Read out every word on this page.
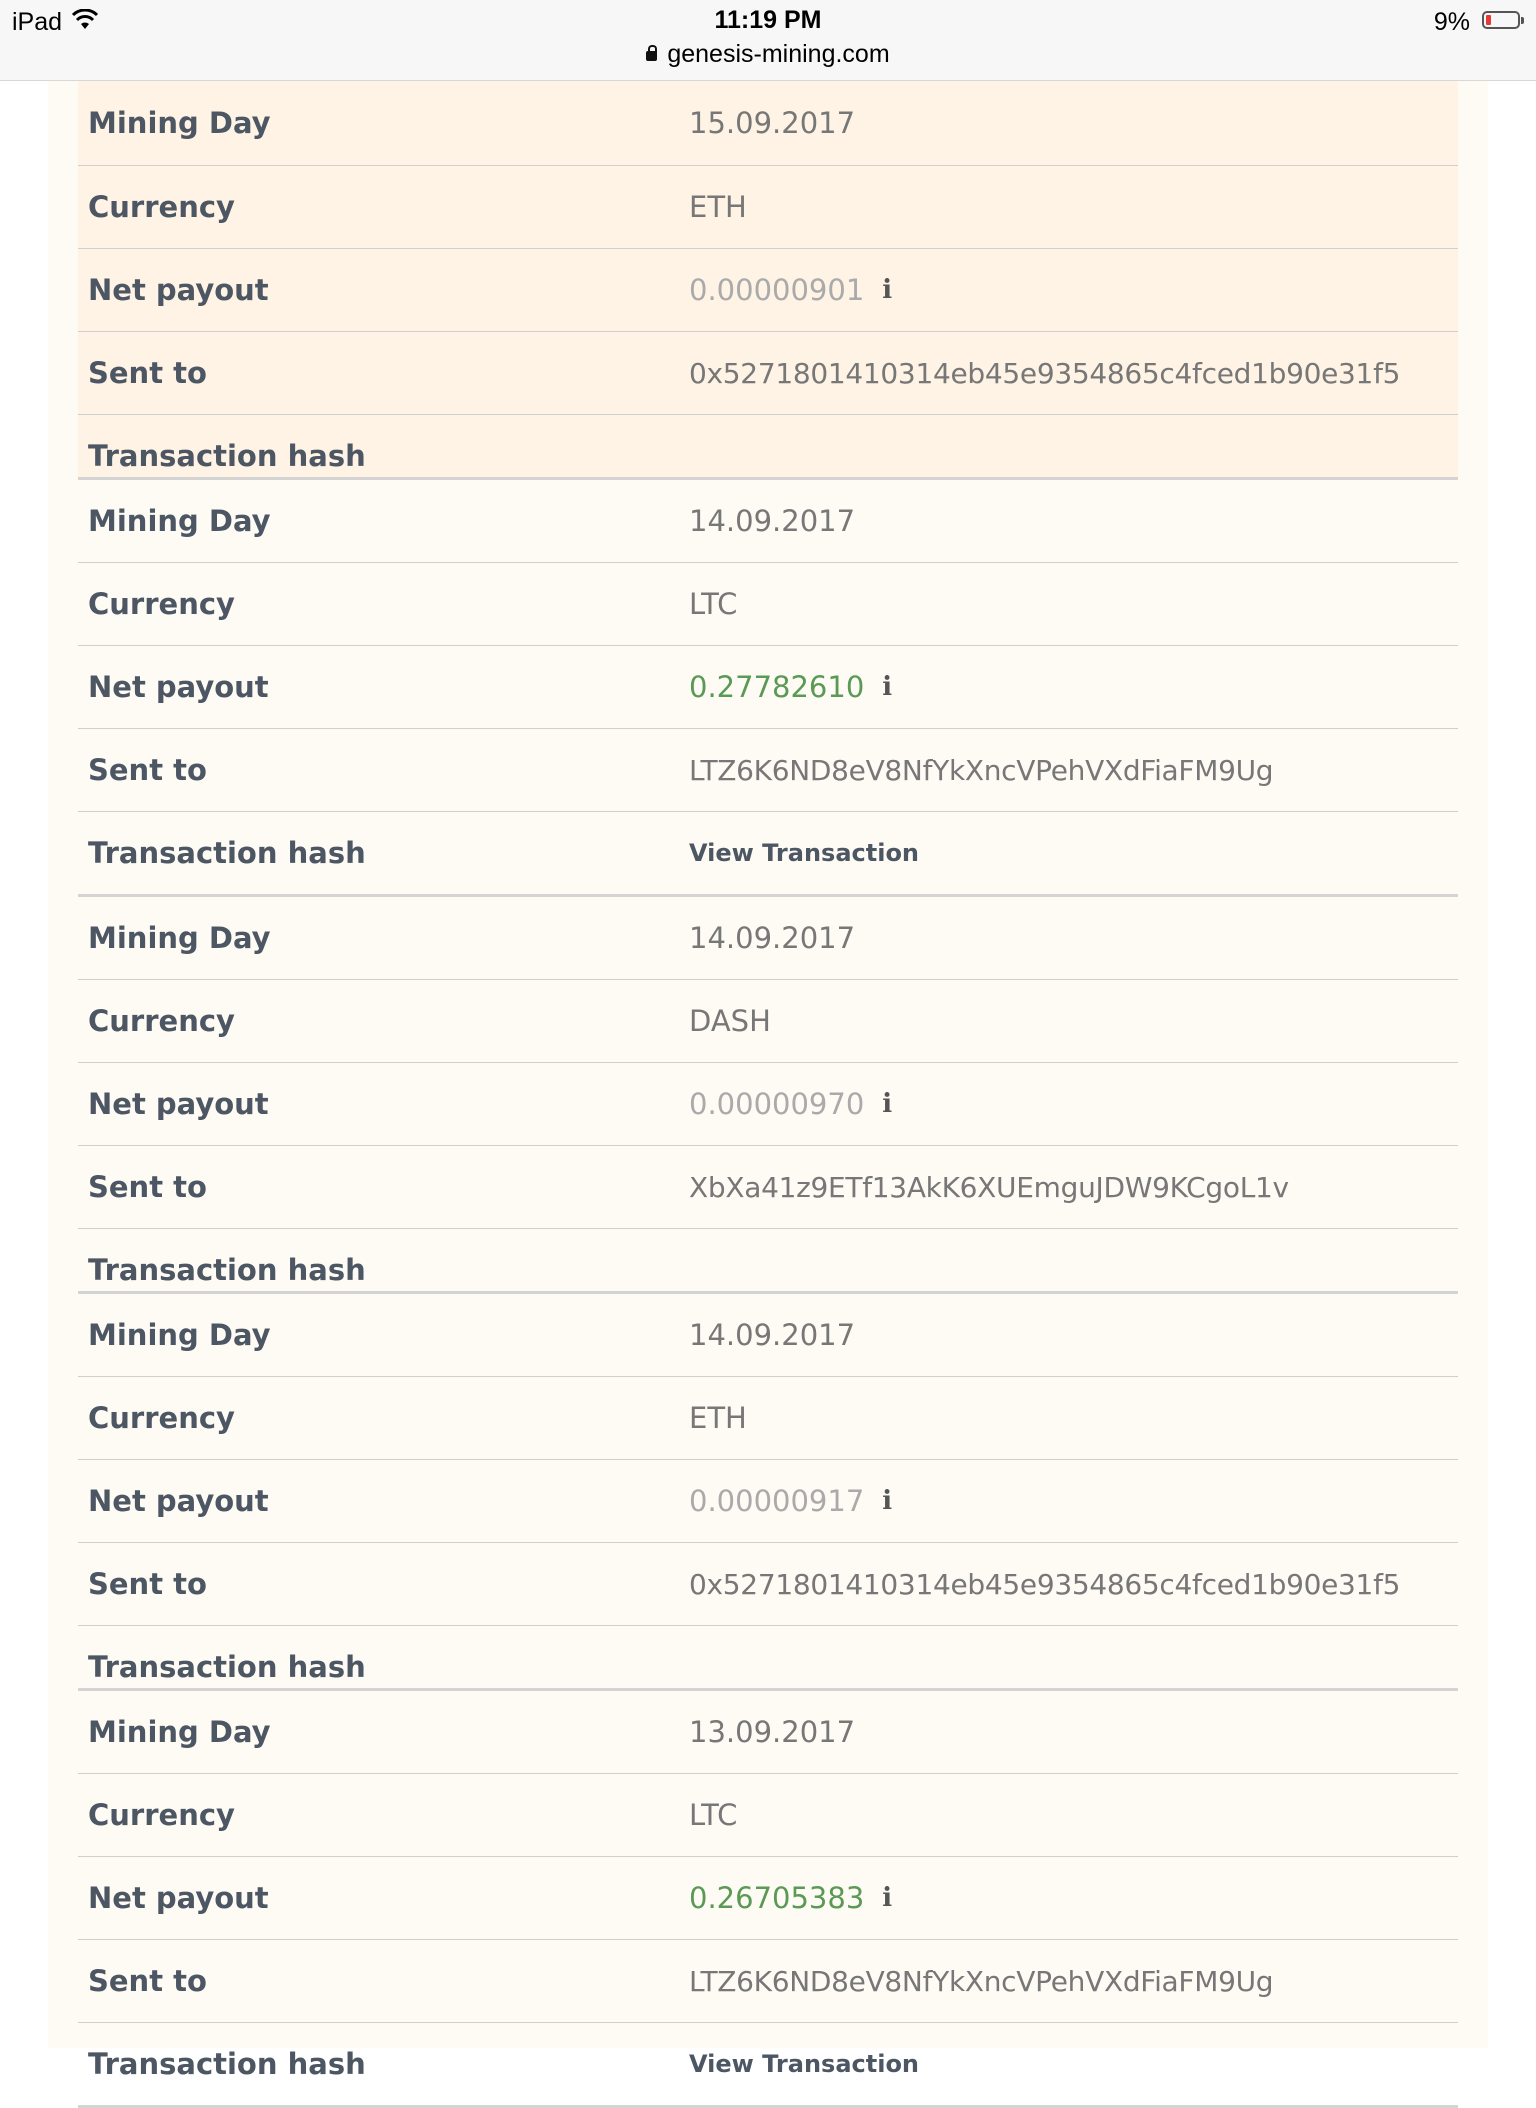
iPad	11:19 PM
genesis-mining.com
9%
Mining Day	15.09.2017
Currency	ETH
Net payout	0.00000901 i
Sent to	0x5271801410314eb45e9354865c4fced1b90e31f5
Transaction hash
Mining Day	14.09.2017
Currency	LTC
Net payout	0.27782610 i
Sent to	LTZ6K6ND8eV8NfYkXncVPehVXdFiaFM9Ug
Transaction hash	View Transaction
Mining Day	14.09.2017
Currency	DASH
Net payout	0.00000970 i
Sent to	XbXa41z9ETf13AkK6XUEmguJDW9KCgoL1v
Transaction hash
Mining Day	14.09.2017
Currency	ETH
Net payout	0.00000917 i
Sent to	0x5271801410314eb45e9354865c4fced1b90e31f5
Transaction hash
Mining Day	13.09.2017
Currency	LTC
Net payout	0.26705383 i
Sent to	LTZ6K6ND8eV8NfYkXncVPehVXdFiaFM9Ug
Transaction hash	View Transaction
